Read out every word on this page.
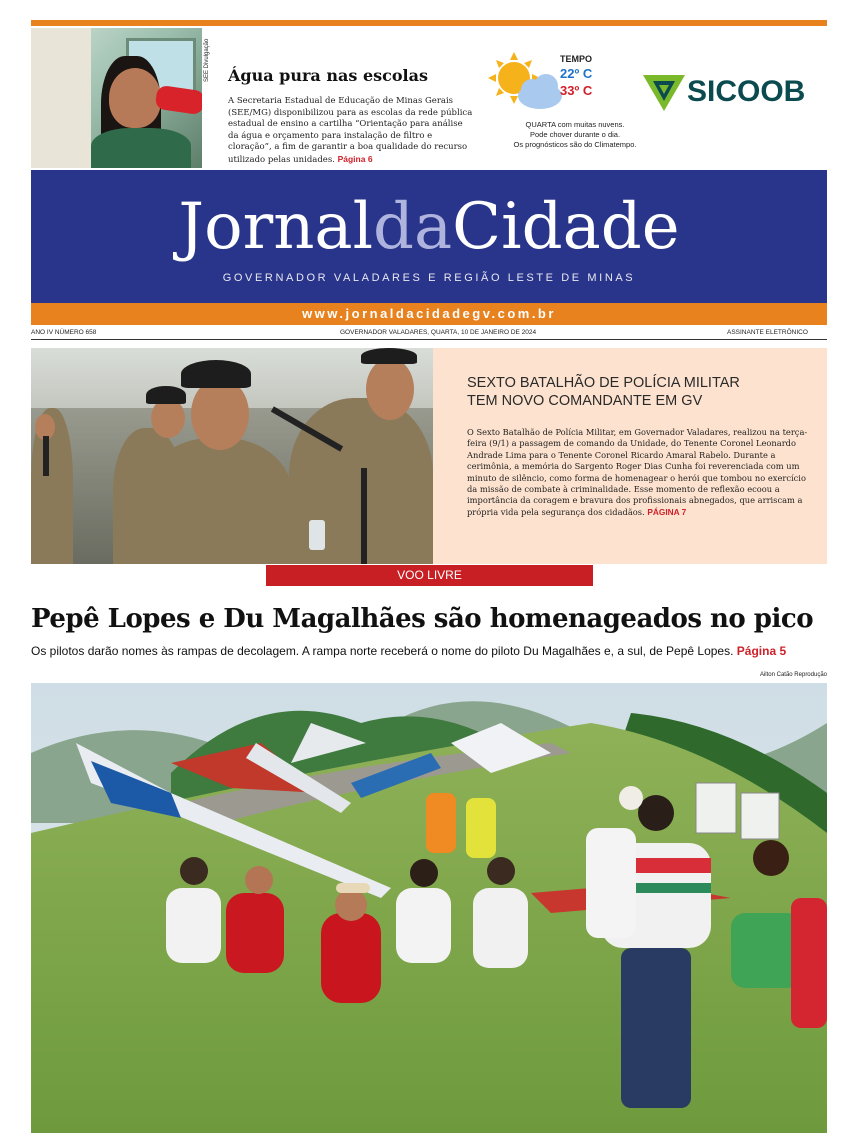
SEE Divulgação Água pura nas escolas
A Secretaria Estadual de Educação de Minas Gerais (SEE/MG) disponibilizou para as escolas da rede pública estadual de ensino a cartilha “Orientação para análise da água e orçamento para instalação de filtro e cloração”, a fim de garantir a boa qualidade do recurso utilizado pelas unidades. Página 6
TEMPO
22º C
33º C
QUARTA com muitas nuvens.
Pode chover durante o dia.
Os prognósticos são do Climatempo.
SICOOB
JornaldaCidade
GOVERNADOR VALADARES E REGIÃO LESTE DE MINAS
www.jornaldacidadegv.com.br
ANO IV NÚMERO 658	GOVERNADOR VALADARES, QUARTA, 10 DE JANEIRO DE 2024	ASSINANTE ELETRÔNICO
SEXTO BATALHÃO DE POLÍCIA MILITAR
TEM NOVO COMANDANTE EM GV
O Sexto Batalhão de Polícia Militar, em Governador Valadares, realizou na terça-feira (9/1) a passagem de comando da Unidade, do Tenente Coronel Leonardo Andrade Lima para o Tenente Coronel Ricardo Amaral Rabelo. Durante a cerimônia, a memória do Sargento Roger Dias Cunha foi reverenciada com um minuto de silêncio, como forma de homenagear o herói que tombou no exercício da missão de combate à criminalidade. Esse momento de reflexão ecoou a importância da coragem e bravura dos profissionais abnegados, que arriscam a própria vida pela segurança dos cidadãos. PÁGINA 7
VOO LIVRE
Pepê Lopes e Du Magalhães são homenageados no pico
Os pilotos darão nomes às rampas de decolagem. A rampa norte receberá o nome do piloto Du Magalhães e, a sul, de Pepê Lopes. Página 5
Ailton Catão Reprodução
